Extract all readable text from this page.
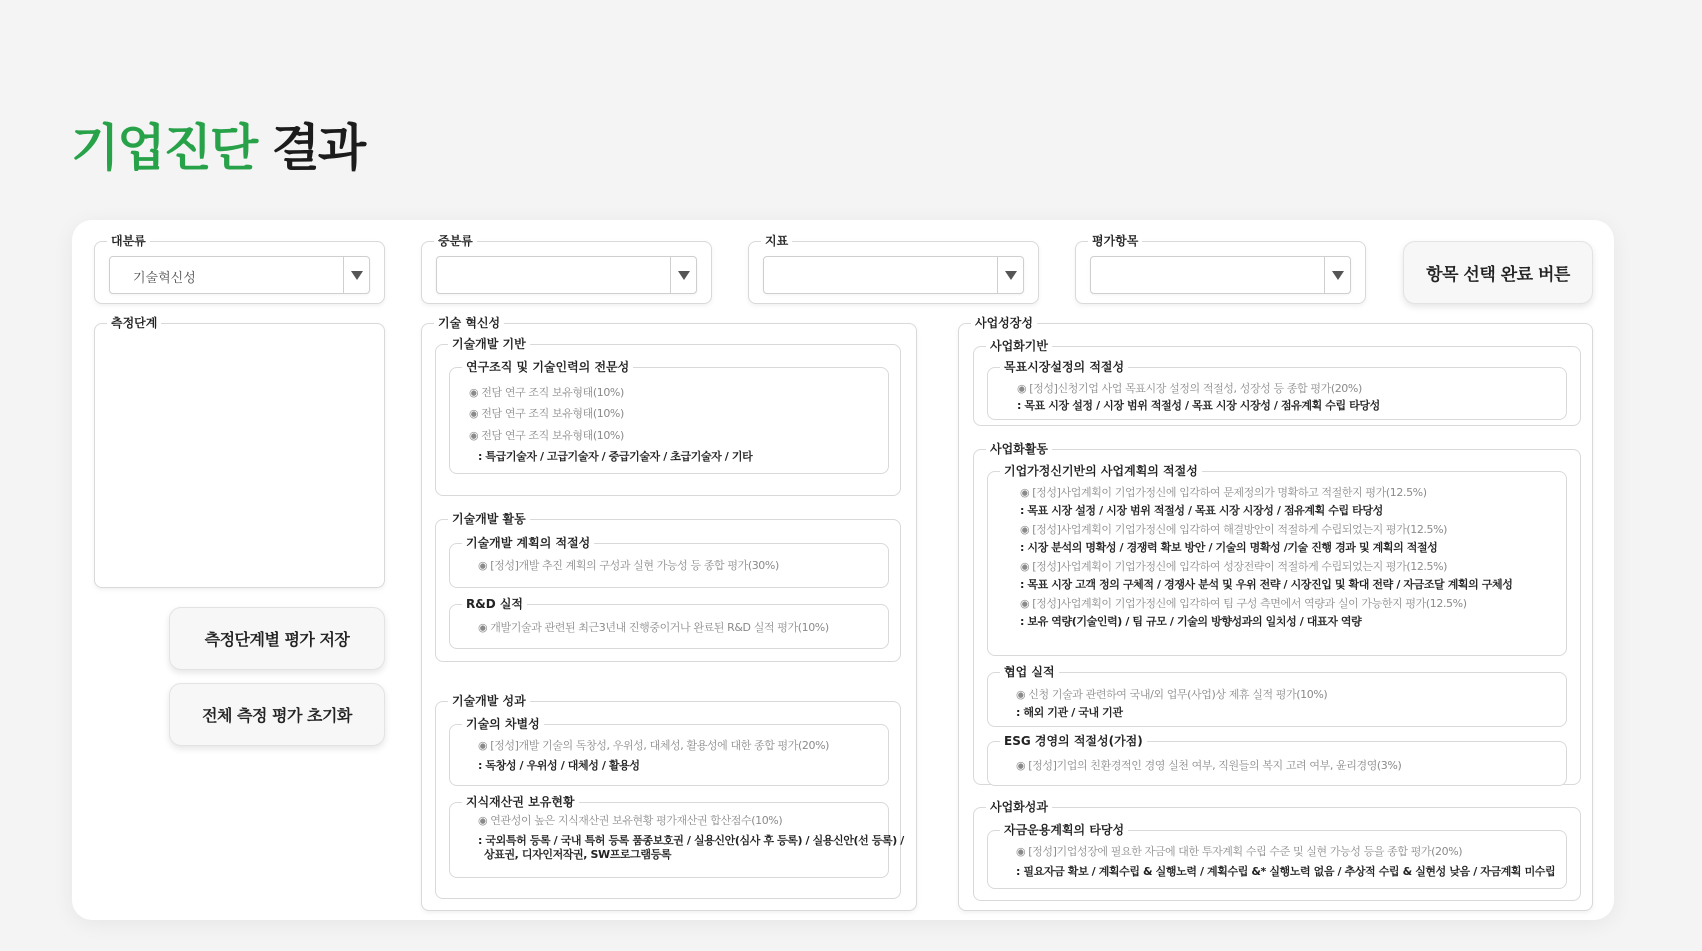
기업진단 결과
대분류
기술혁신성
중분류	지표	평가항목
항목 선택 완료 버튼
측정단계
측정단계별 평가 저장
전체 측정 평가 초기화
기술 혁신성
기술개발 기반
연구조직 및 기술인력의 전문성
◉ 전담 연구 조직 보유형태(10%)
◉ 전담 연구 조직 보유형태(10%)
◉ 전담 연구 조직 보유형태(10%)
: 특급기술자 / 고급기술자 / 중급기술자 / 초급기술자 / 기타
기술개발 활동
기술개발 계획의 적절성
◉ [정성]개발 추진 계획의 구성과 실현 가능성 등 종합 평가(30%)
R&D 실적
◉ 개발기술과 관련된 최근3년내 진행중이거나 완료된 R&D 실적 평가(10%)
기술개발 성과
기술의 차별성
◉ [정성]개발 기술의 독창성, 우위성, 대체성, 활용성에 대한 종합 평가(20%)
: 독창성 / 우위성 / 대체성 / 활용성
지식재산권 보유현황
◉ 연관성이 높은 지식재산권 보유현황 평가재산권 합산점수(10%)
: 국외특허 등록 / 국내 특허 등록 품종보호권 / 실용신안(심사 후 등록) / 실용신안(선 등록) /
상표권, 디자인저작권, SW프로그램등록
사업성장성
사업화기반
목표시장설정의 적절성
◉ [정성]신청기업 사업 목표시장 설정의 적절성, 성장성 등 종합 평가(20%)
: 목표 시장 설정 / 시장 범위 적절성 / 목표 시장 시장성 / 점유계획 수립 타당성
사업화활동
기업가정신기반의 사업계획의 적절성
◉ [정성]사업계획이 기업가정신에 입각하여 문제정의가 명확하고 적절한지 평가(12.5%)
: 목표 시장 설정 / 시장 범위 적절성 / 목표 시장 시장성 / 점유계획 수립 타당성
◉ [정성]사업계획이 기업가정신에 입각하여 해결방안이 적절하게 수립되었는지 평가(12.5%)
: 시장 분석의 명확성 / 경쟁력 확보 방안 / 기술의 명확성 /기술 진행 경과 및 계획의 적절성
◉ [정성]사업계획이 기업가정신에 입각하여 성장전략이 적절하게 수립되었는지 평가(12.5%)
: 목표 시장 고객 정의 구체적 / 경쟁사 분석 및 우위 전략 / 시장진입 및 확대 전략 / 자금조달 계획의 구체성
◉ [정성]사업계획이 기업가정신에 입각하여 팀 구성 측면에서 역량과 실이 가능한지 평가(12.5%)
: 보유 역량(기술인력) / 팀 규모 / 기술의 방향성과의 일치성 / 대표자 역량
협업 실적
◉ 신청 기술과 관련하여 국내/외 업무(사업)상 제휴 실적 평가(10%)
: 해외 기관 / 국내 기관
ESG 경영의 적절성(가점)
◉ [정성]기업의 친환경적인 경영 실천 여부, 직원들의 복지 고려 여부, 윤리경영(3%)
사업화성과
자금운용계획의 타당성
◉ [정성]기업성장에 필요한 자금에 대한 투자계획 수립 수준 및 실현 가능성 등을 종합 평가(20%)
: 필요자금 확보 / 계획수립 & 실행노력 / 계획수립 &* 실행노력 없음 / 추상적 수립 & 실현성 낮음 / 자금계획 미수립
